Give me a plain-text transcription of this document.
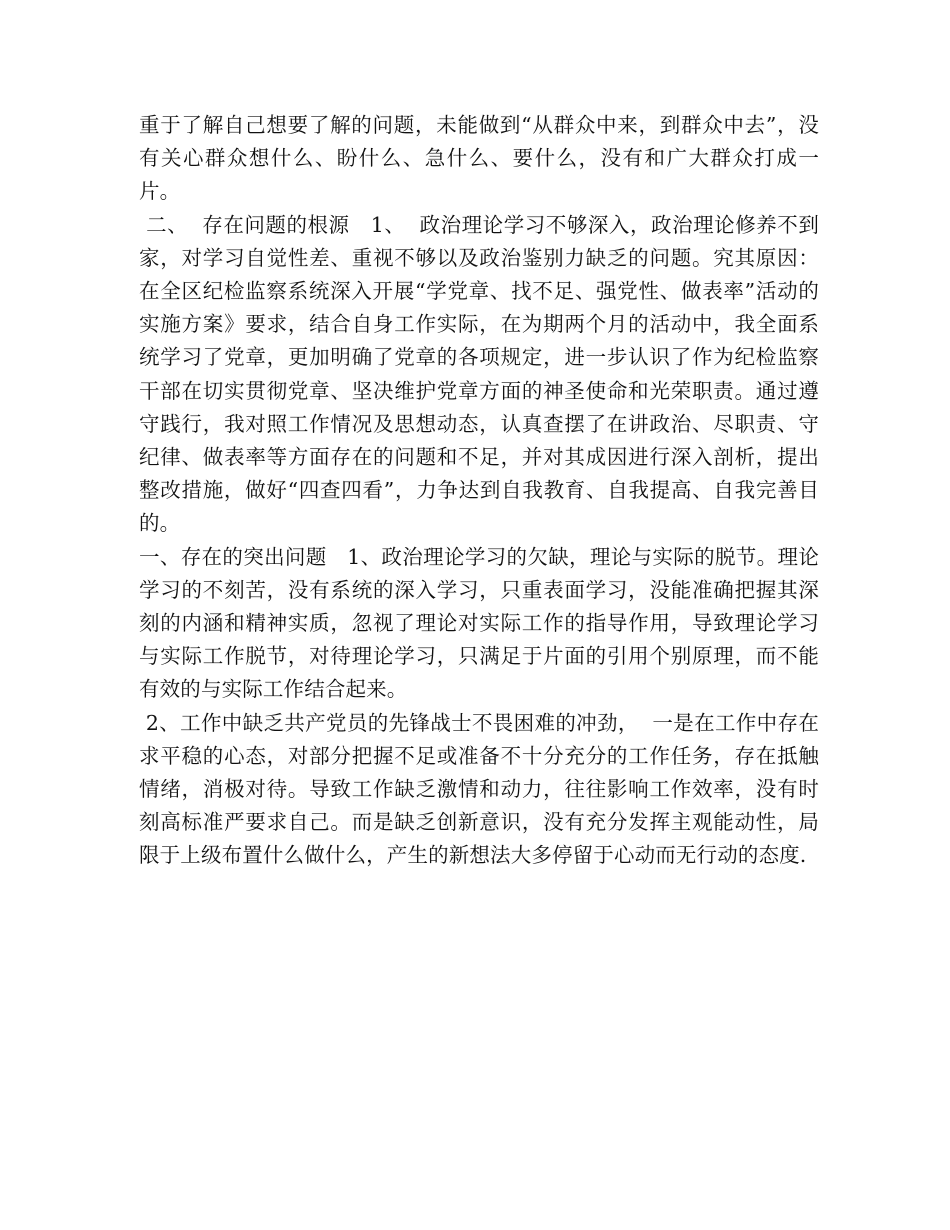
重于了解自己想要了解的问题，未能做到“从群众中来，到群众中去”，没有关心群众想什么、盼什么、急什么、要什么，没有和广大群众打成一片。

二、  存在问题的根源   1、  政治理论学习不够深入，政治理论修养不到家，对学习自觉性差、重视不够以及政治鉴别力缺乏的问题。究其原因：在全区纪检监察系统深入开展“学党章、找不足、强党性、做表率”活动的实施方案》要求，结合自身工作实际，在为期两个月的活动中，我全面系统学习了党章，更加明确了党章的各项规定，进一步认识了作为纪检监察干部在切实贯彻党章、坚决维护党章方面的神圣使命和光荣职责。通过遵守践行，我对照工作情况及思想动态，认真查摆了在讲政治、尽职责、守纪律、做表率等方面存在的问题和不足，并对其成因进行深入剖析，提出整改措施，做好“四查四看”，力争达到自我教育、自我提高、自我完善目的。

一、存在的突出问题   1、政治理论学习的欠缺，理论与实际的脱节。理论学习的不刻苦，没有系统的深入学习，只重表面学习，没能准确把握其深刻的内涵和精神实质，忽视了理论对实际工作的指导作用，导致理论学习与实际工作脱节，对待理论学习，只满足于片面的引用个别原理，而不能有效的与实际工作结合起来。

2、工作中缺乏共产党员的先锋战士不畏困难的冲劲，  一是在工作中存在求平稳的心态，对部分把握不足或准备不十分充分的工作任务，存在抵触情绪，消极对待。导致工作缺乏激情和动力，往往影响工作效率，没有时刻高标准严要求自己。而是缺乏创新意识，没有充分发挥主观能动性，局限于上级布置什么做什么，产生的新想法大多停留于心动而无行动的态度.
